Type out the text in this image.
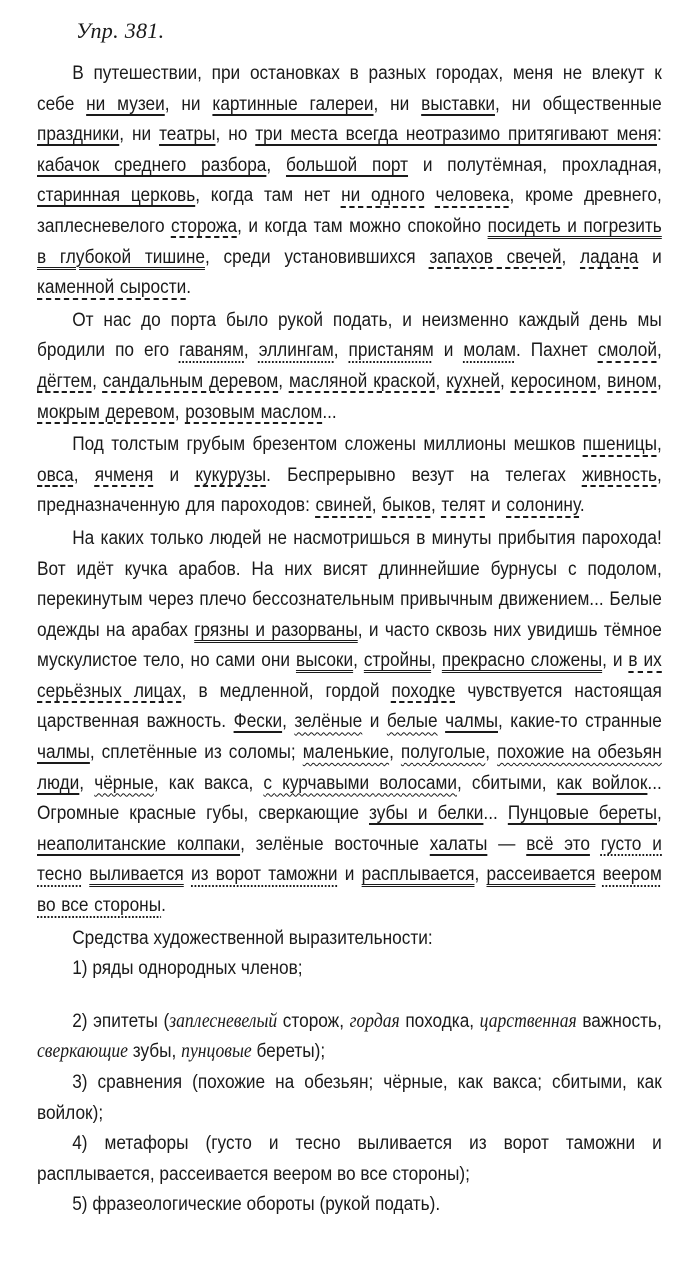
Упр. 381.

В путешествии, при остановках в разных городах, меня не влекут к себе ни музеи, ни картинные галереи, ни выставки, ни общественные праздники, ни театры, но три места всегда неотразимо притягивают меня: кабачок среднего разбора, большой порт и полутёмная, прохладная, старинная церковь, когда там нет ни одного человека, кроме древнего, заплесневелого сторожа, и когда там можно спокойно посидеть и погрезить в глубокой тишине, среди установившихся запахов свечей, ладана и каменной сырости.

От нас до порта было рукой подать, и неизменно каждый день мы бродили по его гаваням, эллингам, пристаням и молам. Пахнет смолой, дёгтем, сандальным деревом, масляной краской, кухней, керосином, вином, мокрым деревом, розовым маслом...

Под толстым грубым брезентом сложены миллионы мешков пшеницы, овса, ячменя и кукурузы. Беспрерывно везут на телегах живность, предназначенную для пароходов: свиней, быков, телят и солонину.

На каких только людей не насмотришься в минуты прибытия парохода! Вот идёт кучка арабов. На них висят длиннейшие бурнусы с подолом, перекинутым через плечо бессознательным привычным движением... Белые одежды на арабах грязны и разорваны, и часто сквозь них увидишь тёмное мускулистое тело, но сами они высоки, стройны, прекрасно сложены, и в их серьёзных лицах, в медленной, гордой походке чувствуется настоящая царственная важность. Фески, зелёные и белые чалмы, какие-то странные чалмы, сплетённые из соломы; маленькие, полуголые, похожие на обезьян люди, чёрные, как вакса, с курчавыми волосами, сбитыми, как войлок... Огромные красные губы, сверкающие зубы и белки... Пунцовые береты, неаполитанские колпаки, зелёные восточные халаты — всё это густо и тесно выливается из ворот таможни и расплывается, рассеивается веером во все стороны.

Средства художественной выразительности:

1) ряды однородных членов;

2) эпитеты (заплесневелый сторож, гордая походка, царственная важность, сверкающие зубы, пунцовые береты);

3) сравнения (похожие на обезьян; чёрные, как вакса; сбитыми, как войлок);

4) метафоры (густо и тесно выливается из ворот таможни и расплывается, рассеивается веером во все стороны);

5) фразеологические обороты (рукой подать).
